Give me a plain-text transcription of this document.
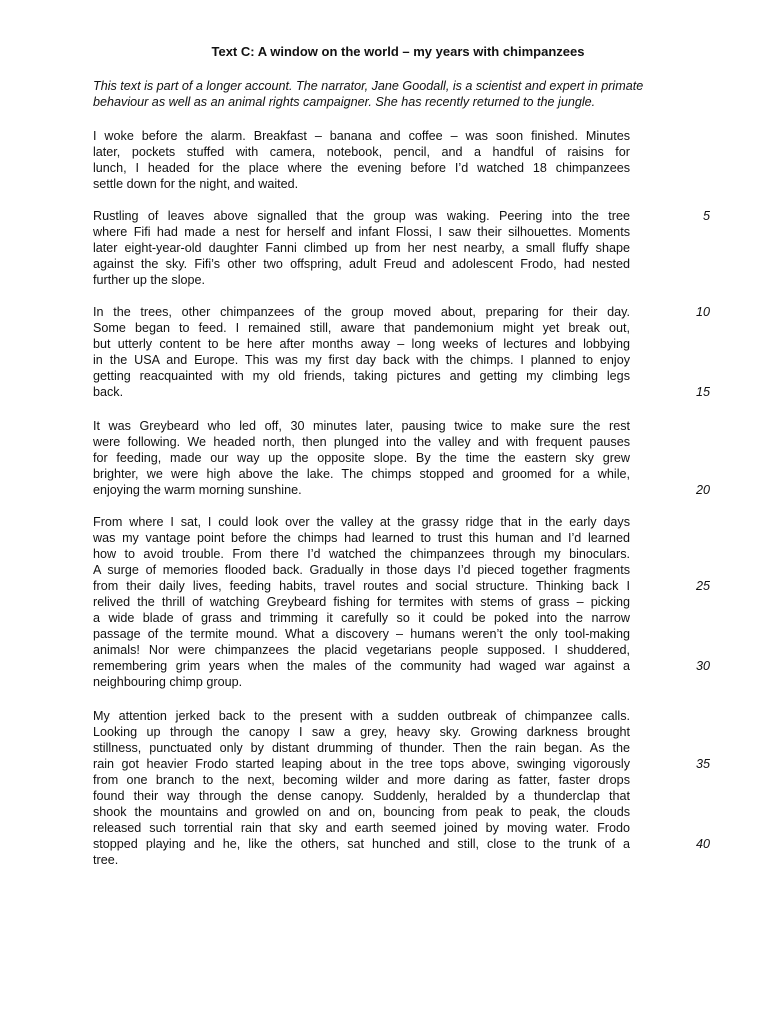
Text C: A window on the world – my years with chimpanzees
This text is part of a longer account. The narrator, Jane Goodall, is a scientist and expert in primate behaviour as well as an animal rights campaigner. She has recently returned to the jungle.
I woke before the alarm. Breakfast – banana and coffee – was soon finished. Minutes
later, pockets stuffed with camera, notebook, pencil, and a handful of raisins for
lunch, I headed for the place where the evening before I’d watched 18 chimpanzees
settle down for the night, and waited.
Rustling of leaves above signalled that the group was waking. Peering into the tree
where Fifi had made a nest for herself and infant Flossi, I saw their silhouettes. Moments
later eight-year-old daughter Fanni climbed up from her nest nearby, a small fluffy shape
against the sky. Fifi’s other two offspring, adult Freud and adolescent Frodo, had nested
further up the slope.
In the trees, other chimpanzees of the group moved about, preparing for their day.
Some began to feed. I remained still, aware that pandemonium might yet break out,
but utterly content to be here after months away – long weeks of lectures and lobbying
in the USA and Europe. This was my first day back with the chimps. I planned to enjoy
getting reacquainted with my old friends, taking pictures and getting my climbing legs
back.
It was Greybeard who led off, 30 minutes later, pausing twice to make sure the rest
were following. We headed north, then plunged into the valley and with frequent pauses
for feeding, made our way up the opposite slope. By the time the eastern sky grew
brighter, we were high above the lake. The chimps stopped and groomed for a while,
enjoying the warm morning sunshine.
From where I sat, I could look over the valley at the grassy ridge that in the early days
was my vantage point before the chimps had learned to trust this human and I’d learned
how to avoid trouble. From there I’d watched the chimpanzees through my binoculars.
A surge of memories flooded back. Gradually in those days I’d pieced together fragments
from their daily lives, feeding habits, travel routes and social structure. Thinking back I
relived the thrill of watching Greybeard fishing for termites with stems of grass – picking
a wide blade of grass and trimming it carefully so it could be poked into the narrow
passage of the termite mound. What a discovery – humans weren’t the only tool-making
animals! Nor were chimpanzees the placid vegetarians people supposed. I shuddered,
remembering grim years when the males of the community had waged war against a
neighbouring chimp group.
My attention jerked back to the present with a sudden outbreak of chimpanzee calls.
Looking up through the canopy I saw a grey, heavy sky. Growing darkness brought
stillness, punctuated only by distant drumming of thunder. Then the rain began. As the
rain got heavier Frodo started leaping about in the tree tops above, swinging vigorously
from one branch to the next, becoming wilder and more daring as fatter, faster drops
found their way through the dense canopy. Suddenly, heralded by a thunderclap that
shook the mountains and growled on and on, bouncing from peak to peak, the clouds
released such torrential rain that sky and earth seemed joined by moving water. Frodo
stopped playing and he, like the others, sat hunched and still, close to the trunk of a
tree.
5
10
15
20
25
30
35
40
